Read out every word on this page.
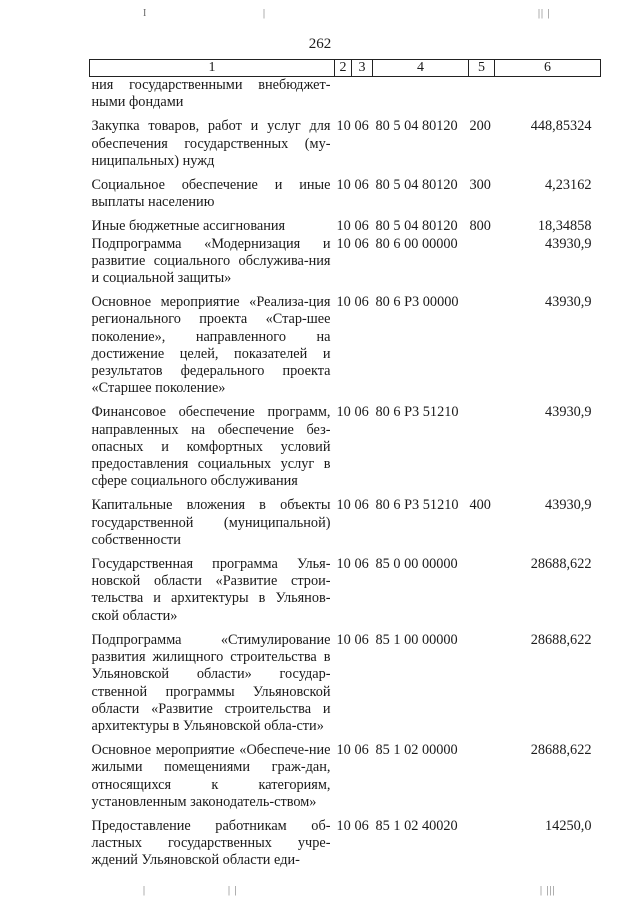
I	|	|| |
262
1	2	3	4	5	6
ния государственными внебюджет-ными фондами					
Закупка товаров, работ и услуг для обеспечения государственных (му-ниципальных) нужд	10	06	80 5 04 80120	200	448,85324
Социальное обеспечение и иные выплаты населению	10	06	80 5 04 80120	300	4,23162
Иные бюджетные ассигнования	10	06	80 5 04 80120	800	18,34858
Подпрограмма «Модернизация и развитие социального обслужива-ния и социальной защиты»	10	06	80 6 00 00000		43930,9
Основное мероприятие «Реализа-ция регионального проекта «Стар-шее поколение», направленного на достижение целей, показателей и результатов федерального проекта «Старшее поколение»	10	06	80 6 Р3 00000		43930,9
Финансовое обеспечение программ, направленных на обеспечение без-опасных и комфортных условий предоставления социальных услуг в сфере социального обслуживания	10	06	80 6 Р3 51210		43930,9
Капитальные вложения в объекты государственной (муниципальной) собственности	10	06	80 6 Р3 51210	400	43930,9
Государственная программа Улья-новской области «Развитие строи-тельства и архитектуры в Ульянов-ской области»	10	06	85 0 00 00000		28688,622
Подпрограмма «Стимулирование развития жилищного строительства в Ульяновской области» государ-ственной программы Ульяновской области «Развитие строительства и архитектуры в Ульяновской обла-сти»	10	06	85 1 00 00000		28688,622
Основное мероприятие «Обеспече-ние жилыми помещениями граж-дан, относящихся к категориям, установленным законодатель-ством»	10	06	85 1 02 00000		28688,622
Предоставление работникам об-ластных государственных учре-ждений Ульяновской области еди-	10	06	85 1 02 40020		14250,0
|	| |	| |||
